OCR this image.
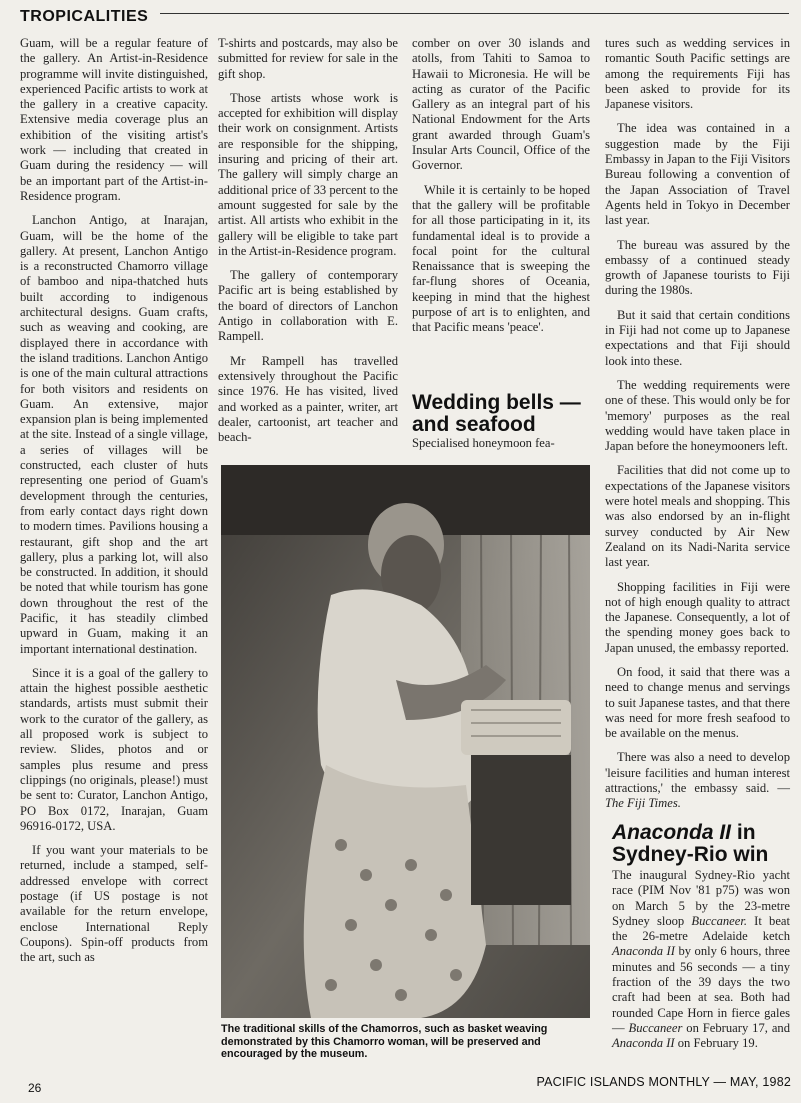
TROPICALITIES

Guam, will be a regular feature of the gallery. An Artist-in-Residence programme will invite distinguished, experienced Pacific artists to work at the gallery in a creative capacity. Extensive media coverage plus an exhibition of the visiting artist's work — including that created in Guam during the residency — will be an important part of the Artist-in-Residence program.

Lanchon Antigo, at Inarajan, Guam, will be the home of the gallery. At present, Lanchon Antigo is a reconstructed Chamorro village of bamboo and nipa-thatched huts built according to indigenous architectural designs. Guam crafts, such as weaving and cooking, are displayed there in accordance with the island traditions. Lanchon Antigo is one of the main cultural attractions for both visitors and residents on Guam. An extensive, major expansion plan is being implemented at the site. Instead of a single village, a series of villages will be constructed, each cluster of huts representing one period of Guam's development through the centuries, from early contact days right down to modern times. Pavilions housing a restaurant, gift shop and the art gallery, plus a parking lot, will also be constructed. In addition, it should be noted that while tourism has gone down throughout the rest of the Pacific, it has steadily climbed upward in Guam, making it an important international destination.

Since it is a goal of the gallery to attain the highest possible aesthetic standards, artists must submit their work to the curator of the gallery, as all proposed work is subject to review. Slides, photos and or samples plus resume and press clippings (no originals, please!) must be sent to: Curator, Lanchon Antigo, PO Box 0172, Inarajan, Guam 96916-0172, USA.

If you want your materials to be returned, include a stamped, self-addressed envelope with correct postage (if US postage is not available for the return envelope, enclose International Reply Coupons). Spin-off products from the art, such as

T-shirts and postcards, may also be submitted for review for sale in the gift shop.

Those artists whose work is accepted for exhibition will display their work on consignment. Artists are responsible for the shipping, insuring and pricing of their art. The gallery will simply charge an additional price of 33 percent to the amount suggested for sale by the artist. All artists who exhibit in the gallery will be eligible to take part in the Artist-in-Residence program.

The gallery of contemporary Pacific art is being established by the board of directors of Lanchon Antigo in collaboration with E. Rampell.

Mr Rampell has travelled extensively throughout the Pacific since 1976. He has visited, lived and worked as a painter, writer, art dealer, cartoonist, art teacher and beach-

comber on over 30 islands and atolls, from Tahiti to Samoa to Hawaii to Micronesia. He will be acting as curator of the Pacific Gallery as an integral part of his National Endowment for the Arts grant awarded through Guam's Insular Arts Council, Office of the Governor.

While it is certainly to be hoped that the gallery will be profitable for all those participating in it, its fundamental ideal is to provide a focal point for the cultural Renaissance that is sweeping the far-flung shores of Oceania, keeping in mind that the highest purpose of art is to enlighten, and that Pacific means 'peace'.

Wedding bells — and seafood
Specialised honeymoon fea-
The traditional skills of the Chamorros, such as basket weaving demonstrated by this Chamorro woman, will be preserved and encouraged by the museum.

tures such as wedding services in romantic South Pacific settings are among the requirements Fiji has been asked to provide for its Japanese visitors.

The idea was contained in a suggestion made by the Fiji Embassy in Japan to the Fiji Visitors Bureau following a convention of the Japan Association of Travel Agents held in Tokyo in December last year.

The bureau was assured by the embassy of a continued steady growth of Japanese tourists to Fiji during the 1980s.

But it said that certain conditions in Fiji had not come up to Japanese expectations and that Fiji should look into these.

The wedding requirements were one of these. This would only be for 'memory' purposes as the real wedding would have taken place in Japan before the honeymooners left.

Facilities that did not come up to expectations of the Japanese visitors were hotel meals and shopping. This was also endorsed by an in-flight survey conducted by Air New Zealand on its Nadi-Narita service last year.

Shopping facilities in Fiji were not of high enough quality to attract the Japanese. Consequently, a lot of the spending money goes back to Japan unused, the embassy reported.

On food, it said that there was a need to change menus and servings to suit Japanese tastes, and that there was need for more fresh seafood to be available on the menus.

There was also a need to develop 'leisure facilities and human interest attractions,' the embassy said. — The Fiji Times.

Anaconda II in Sydney-Rio win

The inaugural Sydney-Rio yacht race (PIM Nov '81 p75) was won on March 5 by the 23-metre Sydney sloop Buccaneer. It beat the 26-metre Adelaide ketch Anaconda II by only 6 hours, three minutes and 56 seconds — a tiny fraction of the 39 days the two craft had been at sea. Both had rounded Cape Horn in fierce gales — Buccaneer on February 17, and Anaconda II on February 19.

26	PACIFIC ISLANDS MONTHLY — MAY, 1982
